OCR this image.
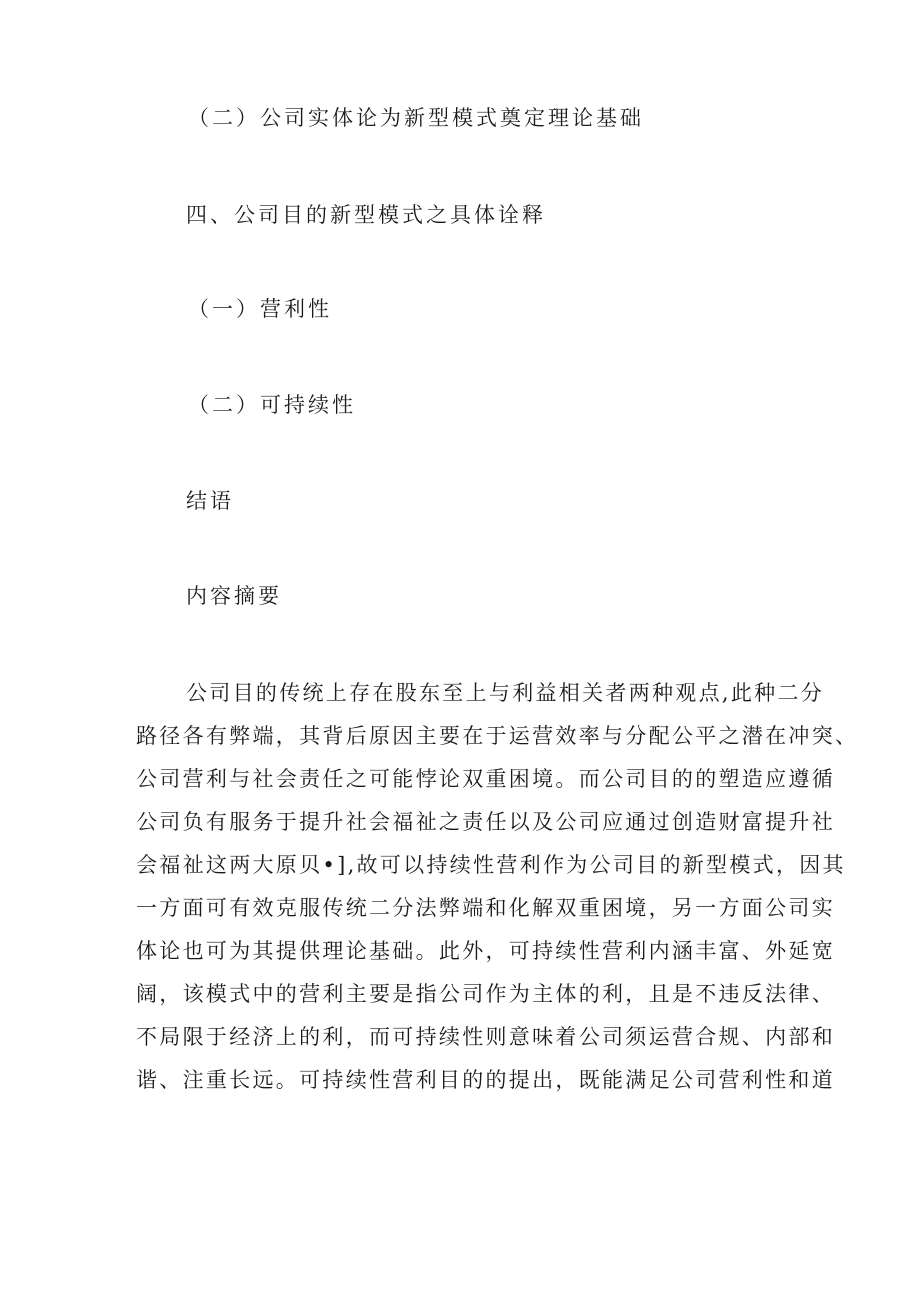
（二）公司实体论为新型模式奠定理论基础
四、公司目的新型模式之具体诠释
（一）营利性
（二）可持续性
结语
内容摘要
公司目的传统上存在股东至上与利益相关者两种观点,此种二分
路径各有弊端，其背后原因主要在于运营效率与分配公平之潜在冲突、
公司营利与社会责任之可能悖论双重困境。而公司目的的塑造应遵循
公司负有服务于提升社会福祉之责任以及公司应通过创造财富提升社
会福祉这两大原贝•],故可以持续性营利作为公司目的新型模式，因其
一方面可有效克服传统二分法弊端和化解双重困境，另一方面公司实
体论也可为其提供理论基础。此外，可持续性营利内涵丰富、外延宽
阔，该模式中的营利主要是指公司作为主体的利，且是不违反法律、
不局限于经济上的利，而可持续性则意味着公司须运营合规、内部和
谐、注重长远。可持续性营利目的的提出，既能满足公司营利性和道
